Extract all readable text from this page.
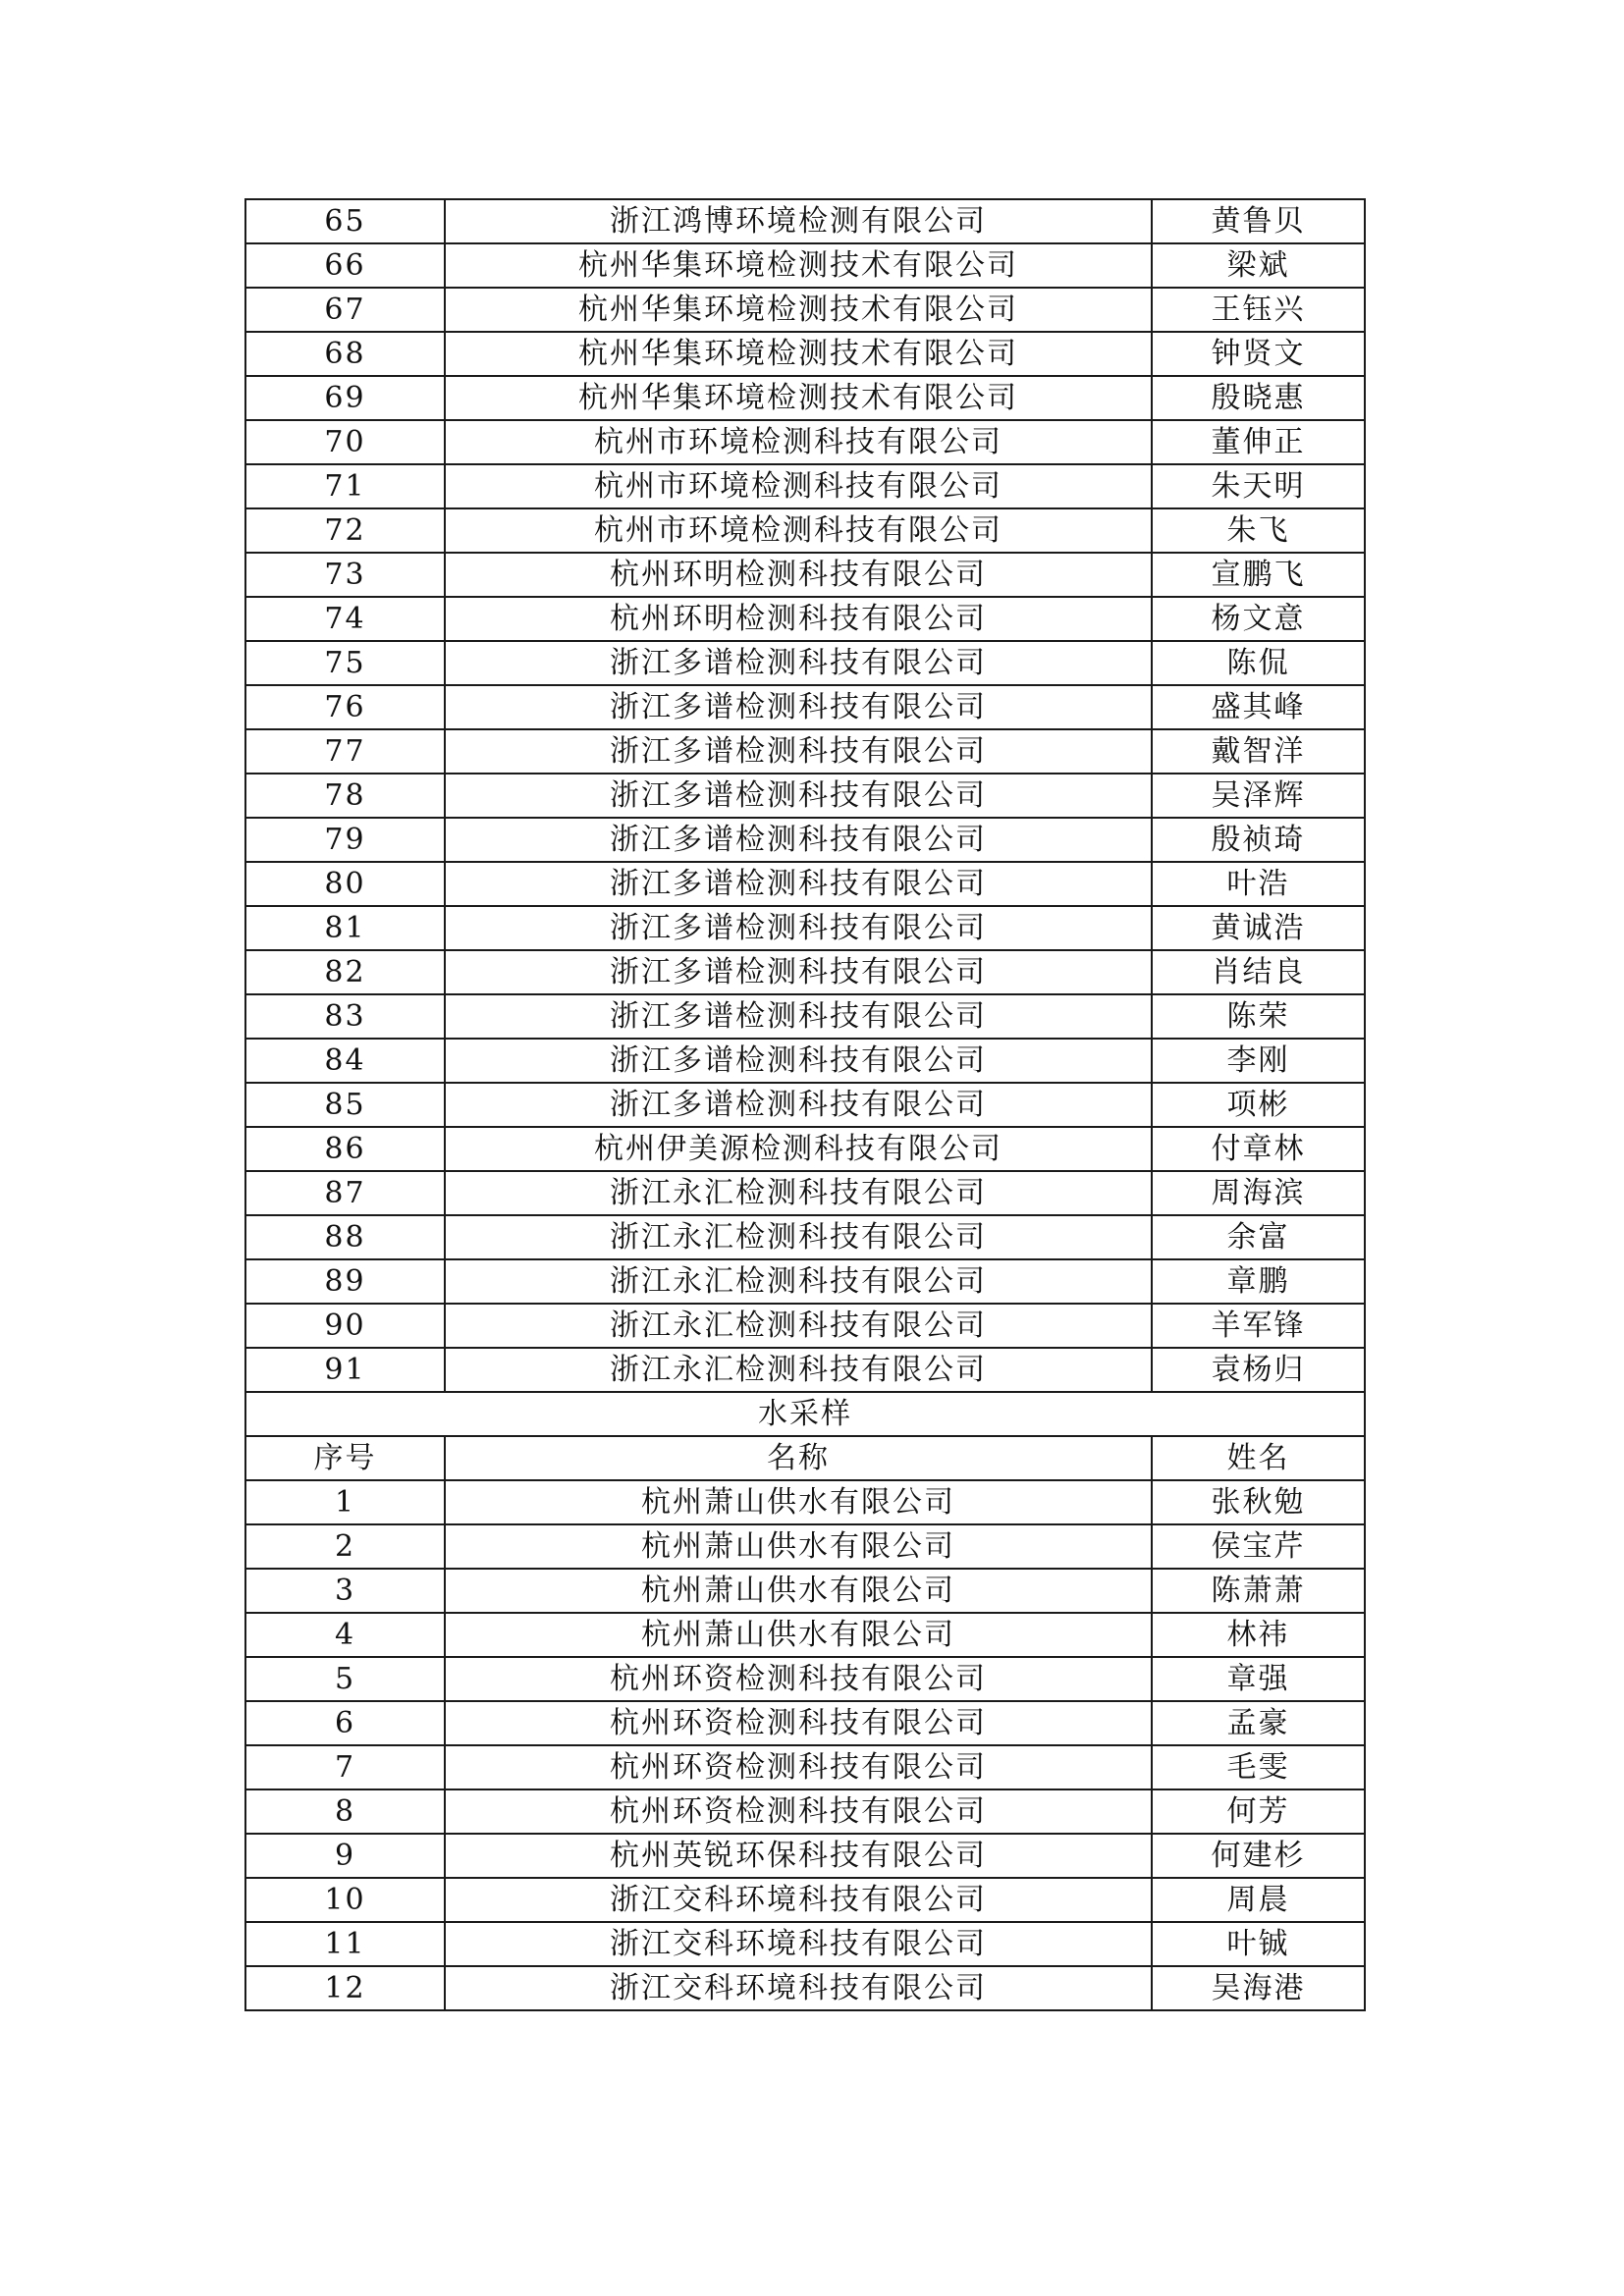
65	浙江鸿博环境检测有限公司	黄鲁贝
66	杭州华集环境检测技术有限公司	梁斌
67	杭州华集环境检测技术有限公司	王钰兴
68	杭州华集环境检测技术有限公司	钟贤文
69	杭州华集环境检测技术有限公司	殷晓惠
70	杭州市环境检测科技有限公司	董伸正
71	杭州市环境检测科技有限公司	朱天明
72	杭州市环境检测科技有限公司	朱飞
73	杭州环明检测科技有限公司	宣鹏飞
74	杭州环明检测科技有限公司	杨文意
75	浙江多谱检测科技有限公司	陈侃
76	浙江多谱检测科技有限公司	盛其峰
77	浙江多谱检测科技有限公司	戴智洋
78	浙江多谱检测科技有限公司	吴泽辉
79	浙江多谱检测科技有限公司	殷祯琦
80	浙江多谱检测科技有限公司	叶浩
81	浙江多谱检测科技有限公司	黄诚浩
82	浙江多谱检测科技有限公司	肖结良
83	浙江多谱检测科技有限公司	陈荣
84	浙江多谱检测科技有限公司	李刚
85	浙江多谱检测科技有限公司	项彬
86	杭州伊美源检测科技有限公司	付章林
87	浙江永汇检测科技有限公司	周海滨
88	浙江永汇检测科技有限公司	余富
89	浙江永汇检测科技有限公司	章鹏
90	浙江永汇检测科技有限公司	羊军锋
91	浙江永汇检测科技有限公司	袁杨归
水采样		
序号	名称	姓名
1	杭州萧山供水有限公司	张秋勉
2	杭州萧山供水有限公司	侯宝芹
3	杭州萧山供水有限公司	陈萧萧
4	杭州萧山供水有限公司	林祎
5	杭州环资检测科技有限公司	章强
6	杭州环资检测科技有限公司	孟豪
7	杭州环资检测科技有限公司	毛雯
8	杭州环资检测科技有限公司	何芳
9	杭州英锐环保科技有限公司	何建杉
10	浙江交科环境科技有限公司	周晨
11	浙江交科环境科技有限公司	叶铖
12	浙江交科环境科技有限公司	吴海港
